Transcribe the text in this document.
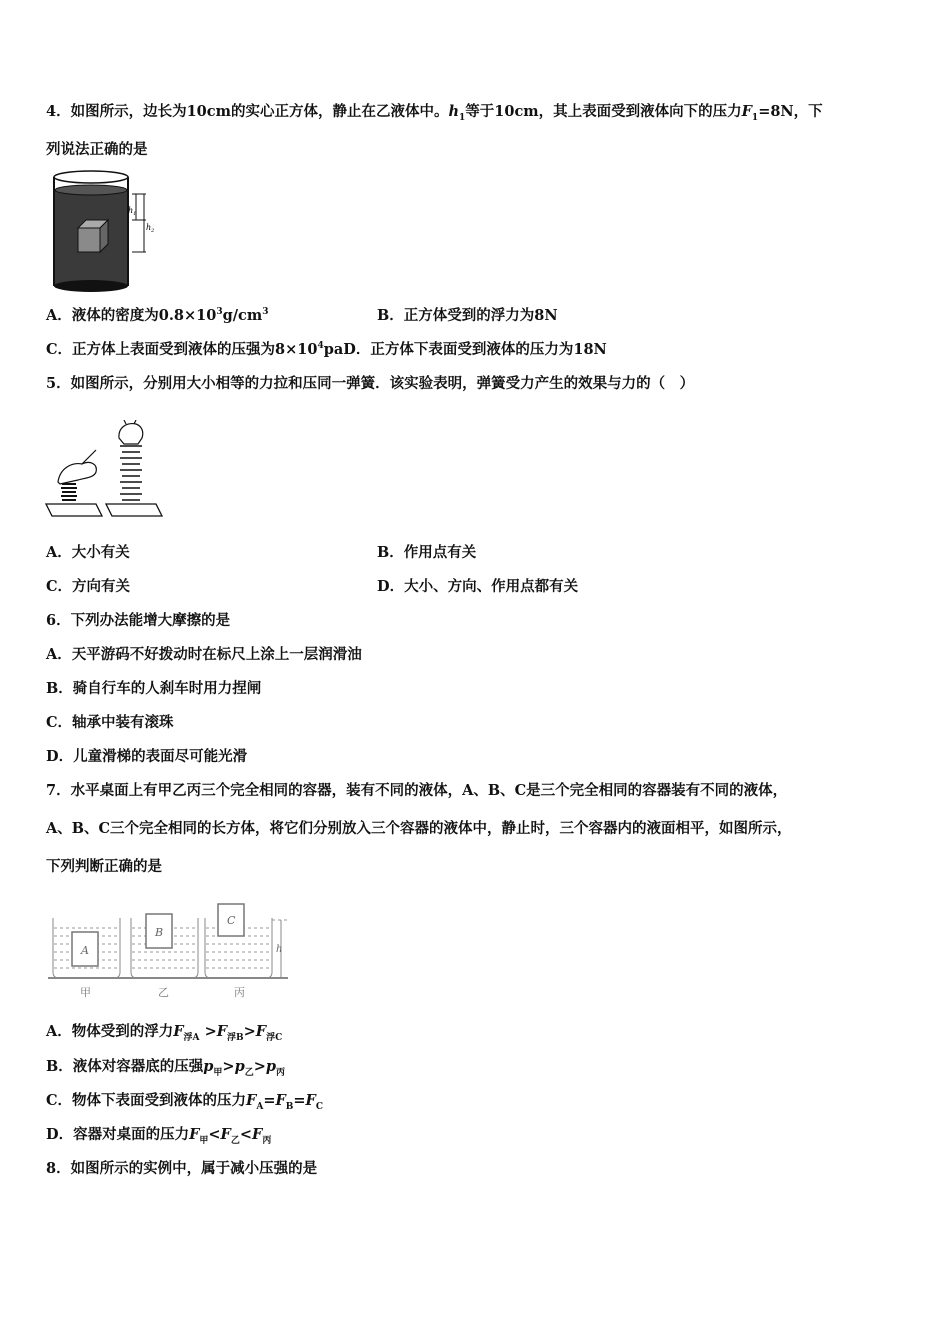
4．如图所示，边长为10cm的实心正方体，静止在乙液体中。$h_1$等于10cm，其上表面受到液体向下的压力$F_1=8N$，下
列说法正确的是
$h_1$
$h_2$
A．液体的密度为$0.8\times 10^3g/cm^3$	B．正方体受到的浮力为8N
C．正方体上表面受到液体的压强为$8\times 10^4paD$．正方体下表面受到液体的压力为18N
5．如图所示，分别用大小相等的力拉和压同一弹簧．该实验表明，弹簧受力产生的效果与力的（　）
A．大小有关	B．作用点有关
C．方向有关	D．大小、方向、作用点都有关
6．下列办法能增大摩擦的是
A．天平游码不好拨动时在标尺上涂上一层润滑油
B．骑自行车的人刹车时用力捏闸
C．轴承中装有滚珠
D．儿童滑梯的表面尽可能光滑
7．水平桌面上有甲乙丙三个完全相同的容器，装有不同的液体，A、B、C是三个完全相同的容器装有不同的液体，
A、B、C三个完全相同的长方体，将它们分别放入三个容器的液体中，静止时，三个容器内的液面相平，如图所示，
下列判断正确的是
A
B
C
h
甲	乙	丙
A．物体受到的浮力$F_{浮A} >F_{浮B}>F_{浮C}$
B．液体对容器底的压强$p_甲>p_乙>p_丙$
C．物体下表面受到液体的压力$F_A=F_B=F_C$
D．容器对桌面的压力$F_甲<F_乙<F_丙$
8．如图所示的实例中，属于减小压强的是
